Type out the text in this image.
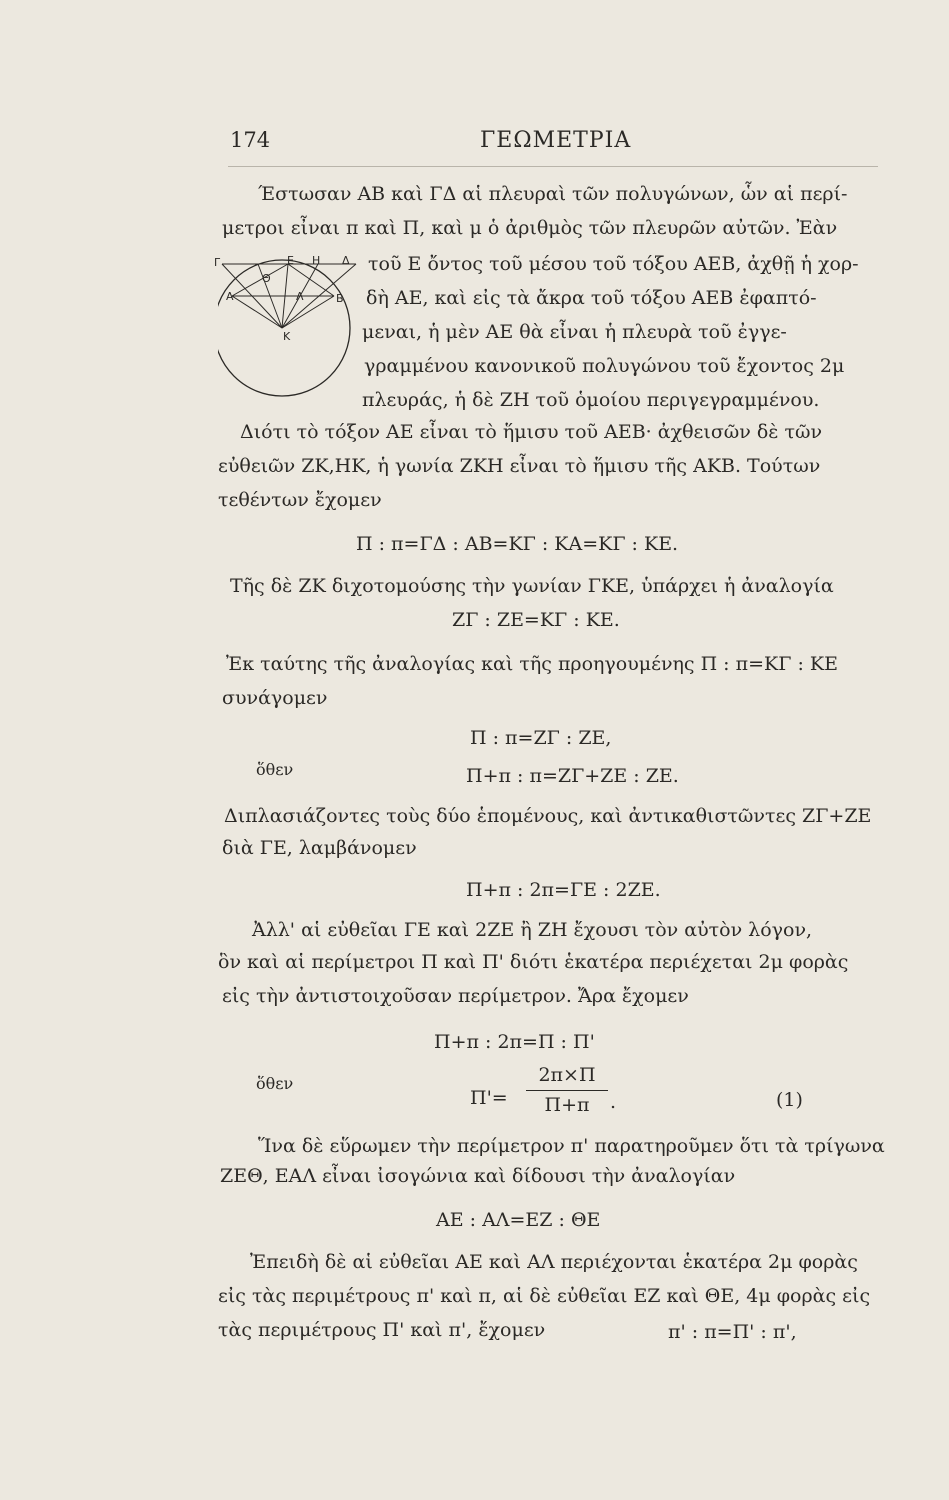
174	ΓΕΩΜΕΤΡΙΑ
Γ	Ε Η Δ
Θ
Α	Λ	Β
Κ
Έστωσαν ΑΒ καὶ ΓΔ αἱ πλευραὶ τῶν πολυγώνων, ὧν αἱ περί-
μετροι εἶναι π καὶ Π, καὶ μ ὁ ἀριθμὸς τῶν πλευρῶν αὐτῶν. Ἐὰν
τοῦ Ε ὄντος τοῦ μέσου τοῦ τόξου ΑΕΒ, ἀχθῇ ἡ χορ-
δὴ ΑΕ, καὶ εἰς τὰ ἄκρα τοῦ τόξου ΑΕΒ ἐφαπτό-
μεναι, ἡ μὲν ΑΕ θὰ εἶναι ἡ πλευρὰ τοῦ ἐγγε-
γραμμένου κανονικοῦ πολυγώνου τοῦ ἔχοντος 2μ
πλευράς, ἡ δὲ ΖΗ τοῦ ὁμοίου περιγεγραμμένου.
Διότι τὸ τόξον ΑΕ εἶναι τὸ ἥμισυ τοῦ ΑΕΒ· ἀχθεισῶν δὲ τῶν
εὐθειῶν ΖΚ,ΗΚ, ἡ γωνία ΖΚΗ εἶναι τὸ ἥμισυ τῆς ΑΚΒ. Τούτων
τεθέντων ἔχομεν
Π : π=ΓΔ : ΑΒ=ΚΓ : ΚΑ=ΚΓ : ΚΕ.
Τῆς δὲ ΖΚ διχοτομούσης τὴν γωνίαν ΓΚΕ, ὑπάρχει ἡ ἀναλογία
ΖΓ : ΖΕ=ΚΓ : ΚΕ.
Ἐκ ταύτης τῆς ἀναλογίας καὶ τῆς προηγουμένης Π : π=ΚΓ : ΚΕ
συνάγομεν
Π : π=ΖΓ : ΖΕ,
ὅθεν	Π+π : π=ΖΓ+ΖΕ : ΖΕ.
Διπλασιάζοντες τοὺς δύο ἑπομένους, καὶ ἀντικαθιστῶντες ΖΓ+ΖΕ
διὰ ΓΕ, λαμβάνομεν
Π+π : 2π=ΓΕ : 2ΖΕ.
Ἀλλ' αἱ εὐθεῖαι ΓΕ καὶ 2ΖΕ ἢ ΖΗ ἔχουσι τὸν αὐτὸν λόγον,
ὃν καὶ αἱ περίμετροι Π καὶ Π' διότι ἑκατέρα περιέχεται 2μ φορὰς
εἰς τὴν ἀντιστοιχοῦσαν περίμετρον. Ἄρα ἔχομεν
Π+π : 2π=Π : Π'
ὅθεν
Π'=
2π×Π
Π+π	.	(1)
Ἵνα δὲ εὕρωμεν τὴν περίμετρον π' παρατηροῦμεν ὅτι τὰ τρίγωνα
ΖΕΘ, ΕΑΛ εἶναι ἰσογώνια καὶ δίδουσι τὴν ἀναλογίαν
ΑΕ : ΑΛ=ΕΖ : ΘΕ
Ἐπειδὴ δὲ αἱ εὐθεῖαι ΑΕ καὶ ΑΛ περιέχονται ἑκατέρα 2μ φορὰς
εἰς τὰς περιμέτρους π' καὶ π, αἱ δὲ εὐθεῖαι ΕΖ καὶ ΘΕ, 4μ φορὰς εἰς
τὰς περιμέτρους Π' καὶ π', ἔχομεν	π' : π=Π' : π',
